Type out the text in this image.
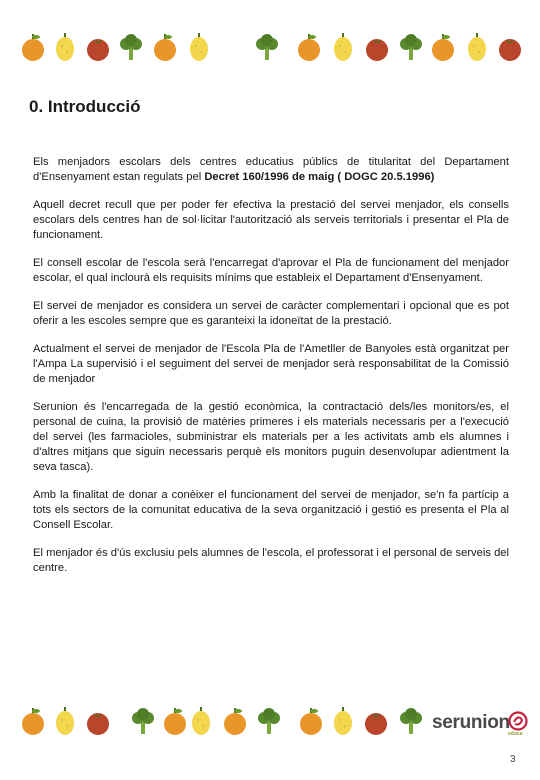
0. Introducció

Els menjadors escolars dels centres educatius públics de titularitat del Departament d'Ensenyament estan regulats pel Decret 160/1996 de maig ( DOGC 20.5.1996)

Aquell decret recull que per poder fer efectiva la prestació del servei menjador, els consells escolars dels centres han de sol·licitar l'autorització als serveis territorials i presentar el Pla de funcionament.

El consell escolar de l'escola serà l'encarregat d'aprovar el Pla de funcionament del menjador escolar, el qual inclourà els requisits mínims que estableix el Departament d'Ensenyament.

El servei de menjador es considera un servei de caràcter complementari i opcional que es pot oferir a les escoles sempre que es garanteixi la idoneïtat de la prestació.

Actualment el servei de menjador de l'Escola Pla de l'Ametller de Banyoles està organitzat per l'Ampa La supervisió i el seguiment del servei de menjador serà responsabilitat de la Comissió de menjador

Serunion és l'encarregada de la gestió econòmica, la contractació dels/les monitors/es, el personal de cuina, la provisió de matèries primeres i els materials necessaris per a l'execució del servei (les farmacioles, subministrar els materials per a les activitats amb els alumnes i d'altres mitjans que siguin necessaris perquè els monitors puguin desenvolupar adientment la seva tasca).

Amb la finalitat de donar a conèixer el funcionament del servei de menjador, se'n fa partícip a tots els sectors de la comunitat educativa de la seva organització i gestió es presenta el Pla al Consell Escolar.

El menjador és d'ús exclusiu pels alumnes de l'escola, el professorat i el personal de serveis del centre.

serunion
educa
3
